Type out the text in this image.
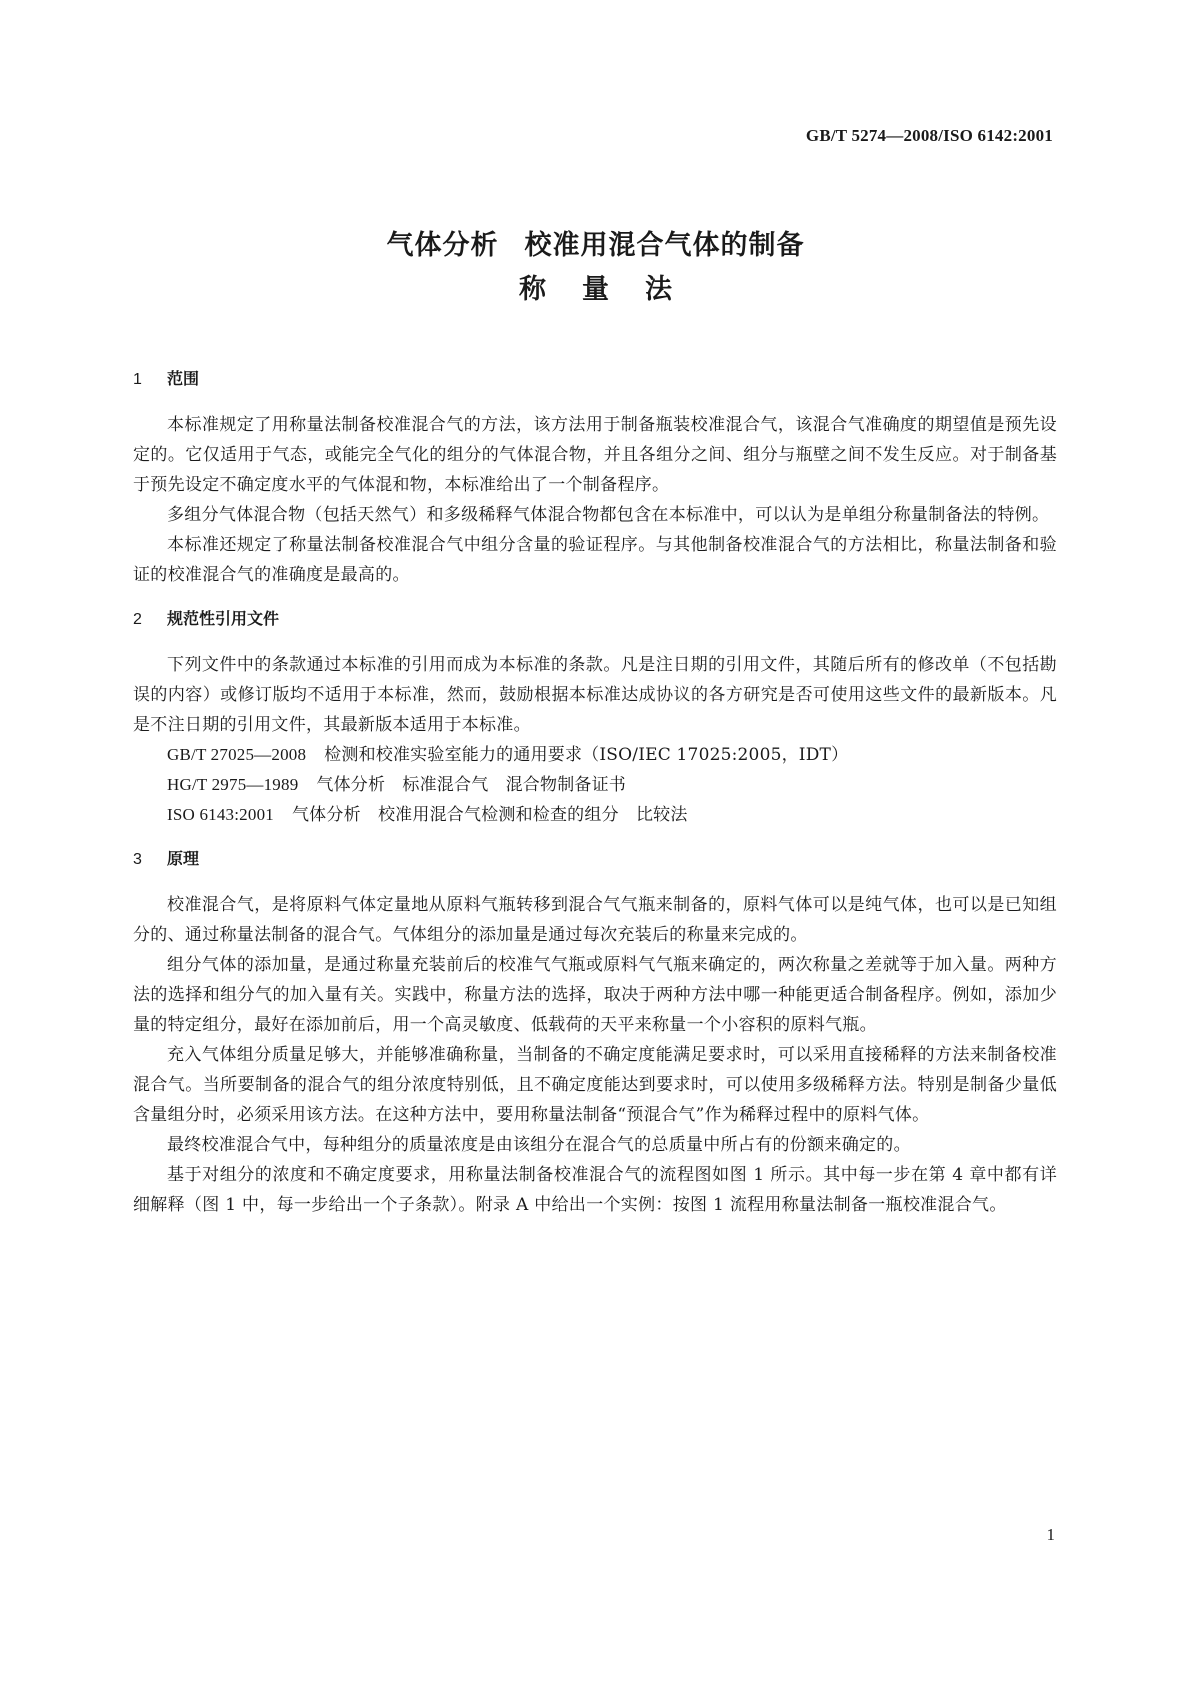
GB/T 5274—2008/ISO 6142:2001
气体分析 校准用混合气体的制备
称量法
1 范围

本标准规定了用称量法制备校准混合气的方法，该方法用于制备瓶装校准混合气，该混合气准确度的期望值是预先设定的。它仅适用于气态，或能完全气化的组分的气体混合物，并且各组分之间、组分与瓶壁之间不发生反应。对于制备基于预先设定不确定度水平的气体混和物，本标准给出了一个制备程序。

多组分气体混合物（包括天然气）和多级稀释气体混合物都包含在本标准中，可以认为是单组分称量制备法的特例。

本标准还规定了称量法制备校准混合气中组分含量的验证程序。与其他制备校准混合气的方法相比，称量法制备和验证的校准混合气的准确度是最高的。

2 规范性引用文件

下列文件中的条款通过本标准的引用而成为本标准的条款。凡是注日期的引用文件，其随后所有的修改单（不包括勘误的内容）或修订版均不适用于本标准，然而，鼓励根据本标准达成协议的各方研究是否可使用这些文件的最新版本。凡是不注日期的引用文件，其最新版本适用于本标准。

GB/T 27025—2008 检测和校准实验室能力的通用要求（ISO/IEC 17025:2005，IDT）

HG/T 2975—1989 气体分析　标准混合气　混合物制备证书

ISO 6143:2001 气体分析　校准用混合气检测和检查的组分　比较法

3 原理

校准混合气，是将原料气体定量地从原料气瓶转移到混合气气瓶来制备的，原料气体可以是纯气体，也可以是已知组分的、通过称量法制备的混合气。气体组分的添加量是通过每次充装后的称量来完成的。

组分气体的添加量，是通过称量充装前后的校准气气瓶或原料气气瓶来确定的，两次称量之差就等于加入量。两种方法的选择和组分气的加入量有关。实践中，称量方法的选择，取决于两种方法中哪一种能更适合制备程序。例如，添加少量的特定组分，最好在添加前后，用一个高灵敏度、低载荷的天平来称量一个小容积的原料气瓶。

充入气体组分质量足够大，并能够准确称量，当制备的不确定度能满足要求时，可以采用直接稀释的方法来制备校准混合气。当所要制备的混合气的组分浓度特别低，且不确定度能达到要求时，可以使用多级稀释方法。特别是制备少量低含量组分时，必须采用该方法。在这种方法中，要用称量法制备“预混合气”作为稀释过程中的原料气体。

最终校准混合气中，每种组分的质量浓度是由该组分在混合气的总质量中所占有的份额来确定的。

基于对组分的浓度和不确定度要求，用称量法制备校准混合气的流程图如图 1 所示。其中每一步在第 4 章中都有详细解释（图 1 中，每一步给出一个子条款）。附录 A 中给出一个实例：按图 1 流程用称量法制备一瓶校准混合气。

1
